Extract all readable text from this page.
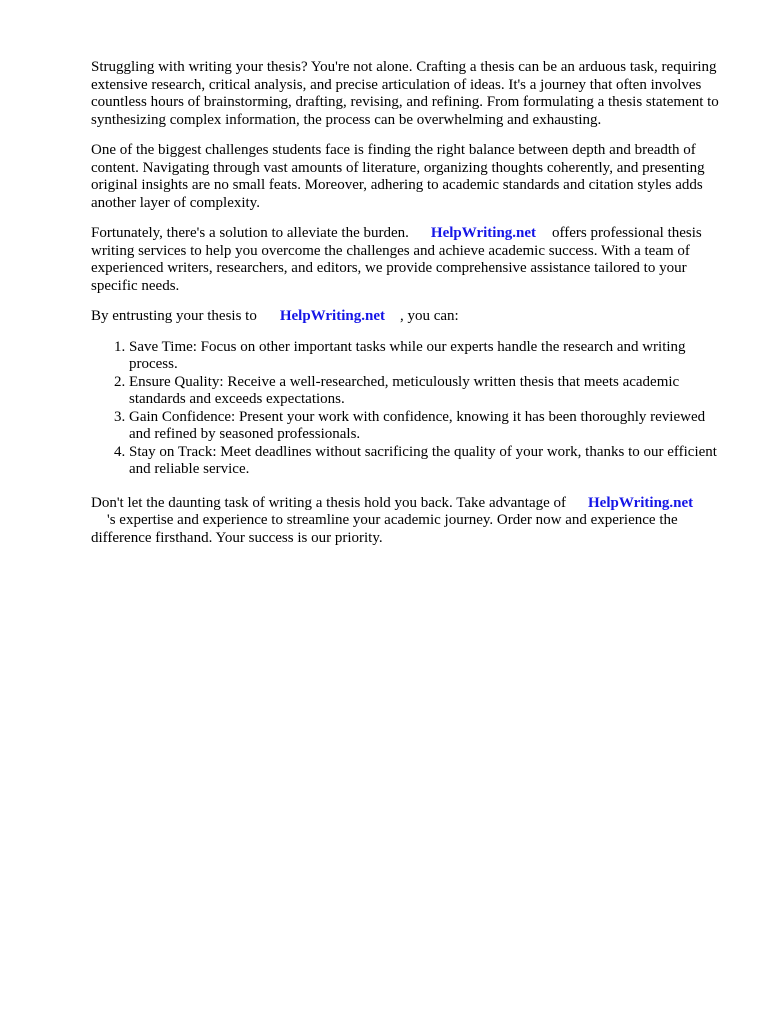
Struggling with writing your thesis? You're not alone. Crafting a thesis can be an arduous task, requiring extensive research, critical analysis, and precise articulation of ideas. It's a journey that often involves countless hours of brainstorming, drafting, revising, and refining. From formulating a thesis statement to synthesizing complex information, the process can be overwhelming and exhausting.

One of the biggest challenges students face is finding the right balance between depth and breadth of content. Navigating through vast amounts of literature, organizing thoughts coherently, and presenting original insights are no small feats. Moreover, adhering to academic standards and citation styles adds another layer of complexity.

Fortunately, there's a solution to alleviate the burden. HelpWriting.net offers professional thesis writing services to help you overcome the challenges and achieve academic success. With a team of experienced writers, researchers, and editors, we provide comprehensive assistance tailored to your specific needs.

By entrusting your thesis to HelpWriting.net , you can:

1. Save Time: Focus on other important tasks while our experts handle the research and writing process.
2. Ensure Quality: Receive a well-researched, meticulously written thesis that meets academic standards and exceeds expectations.
3. Gain Confidence: Present your work with confidence, knowing it has been thoroughly reviewed and refined by seasoned professionals.
4. Stay on Track: Meet deadlines without sacrificing the quality of your work, thanks to our efficient and reliable service.

Don't let the daunting task of writing a thesis hold you back. Take advantage of HelpWriting.net
's expertise and experience to streamline your academic journey. Order now and experience the difference firsthand. Your success is our priority.
